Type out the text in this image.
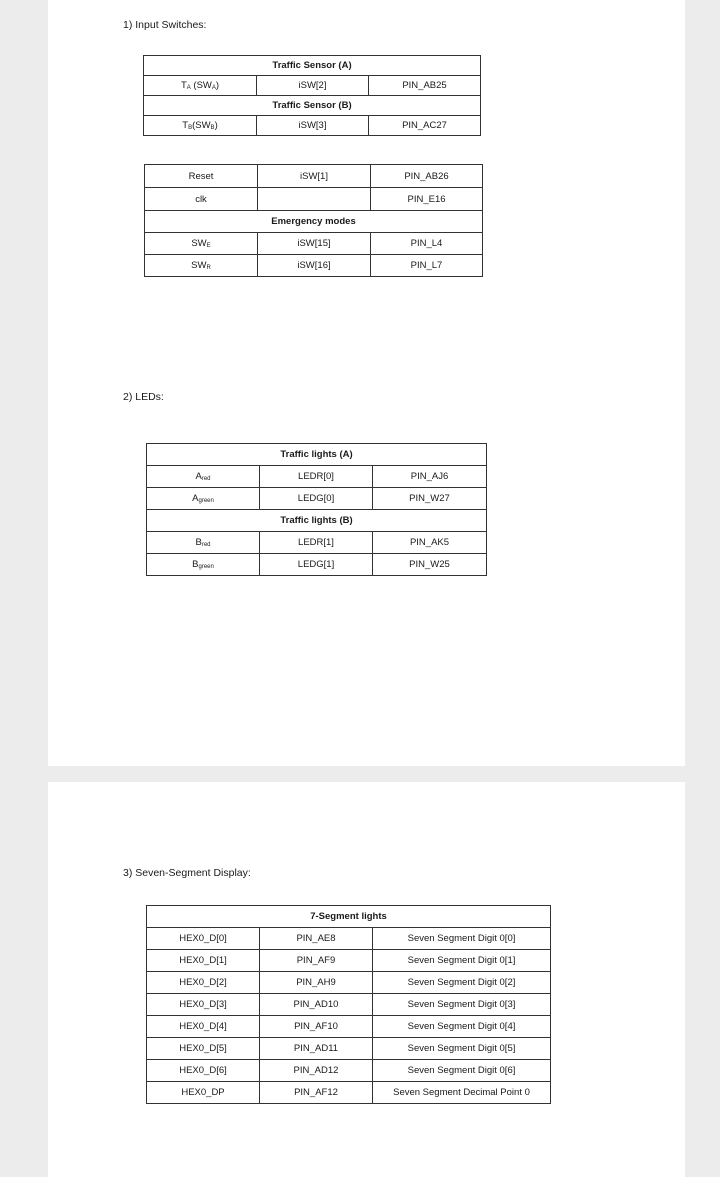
1) Input Switches:
Traffic Sensor (A)		
$T_A$ $(SW_A)$	iSW[2]	PIN_AB25
Traffic Sensor (B)		
$T_B(SW_B)$	iSW[3]	PIN_AC27
Reset	iSW[1]	PIN_AB26
clk		PIN_E16
Emergency modes		
$SW_E$	iSW[15]	PIN_L4
$SW_R$	iSW[16]	PIN_L7
2) LEDs:
Traffic lights (A)		
$A_{red}$	LEDR[0]	PIN_AJ6
$A_{green}$	LEDG[0]	PIN_W27
Traffic lights (B)		
$B_{red}$	LEDR[1]	PIN_AK5
$B_{green}$	LEDG[1]	PIN_W25
3) Seven-Segment Display:
7-Segment lights		
HEX0_D[0]	PIN_AE8	Seven Segment Digit 0[0]
HEX0_D[1]	PIN_AF9	Seven Segment Digit 0[1]
HEX0_D[2]	PIN_AH9	Seven Segment Digit 0[2]
HEX0_D[3]	PIN_AD10	Seven Segment Digit 0[3]
HEX0_D[4]	PIN_AF10	Seven Segment Digit 0[4]
HEX0_D[5]	PIN_AD11	Seven Segment Digit 0[5]
HEX0_D[6]	PIN_AD12	Seven Segment Digit 0[6]
HEX0_DP	PIN_AF12	Seven Segment Decimal Point 0
